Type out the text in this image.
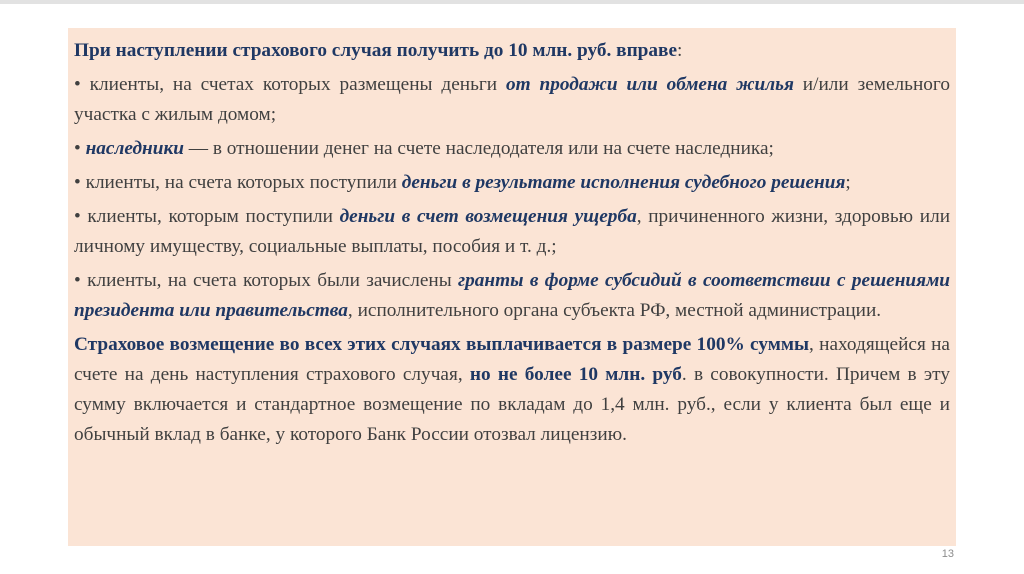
При наступлении страхового случая получить до 10 млн. руб. вправе:

• клиенты, на счетах которых размещены деньги от продажи или обмена жилья и/или земельного участка с жилым домом;

• наследники — в отношении денег на счете наследодателя или на счете наследника;

• клиенты, на счета которых поступили деньги в результате исполнения судебного решения;

• клиенты, которым поступили деньги в счет возмещения ущерба, причиненного жизни, здоровью или личному имуществу, социальные выплаты, пособия и т. д.;

• клиенты, на счета которых были зачислены гранты в форме субсидий в соответствии с решениями президента или правительства, исполнительного органа субъекта РФ, местной администрации.

Страховое возмещение во всех этих случаях выплачивается в размере 100% суммы, находящейся на счете на день наступления страхового случая, но не более 10 млн. руб. в совокупности. Причем в эту сумму включается и стандартное возмещение по вкладам до 1,4 млн. руб., если у клиента был еще и обычный вклад в банке, у которого Банк России отозвал лицензию.

13
